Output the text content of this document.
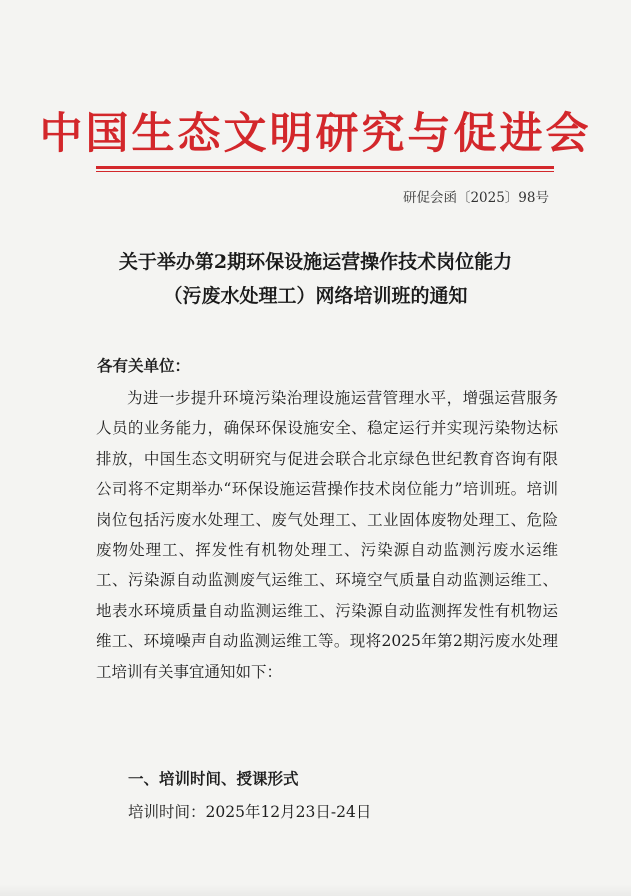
中国生态文明研究与促进会
研促会函〔2025〕98号
关于举办第2期环保设施运营操作技术岗位能力
（污废水处理工）网络培训班的通知
各有关单位：
为进一步提升环境污染治理设施运营管理水平，增强运营服务人员的业务能力，确保环保设施安全、稳定运行并实现污染物达标排放，中国生态文明研究与促进会联合北京绿色世纪教育咨询有限公司将不定期举办“环保设施运营操作技术岗位能力”培训班。培训岗位包括污废水处理工、废气处理工、工业固体废物处理工、危险废物处理工、挥发性有机物处理工、污染源自动监测污废水运维工、污染源自动监测废气运维工、环境空气质量自动监测运维工、地表水环境质量自动监测运维工、污染源自动监测挥发性有机物运维工、环境噪声自动监测运维工等。现将2025年第2期污废水处理工培训有关事宜通知如下：
一、培训时间、授课形式
培训时间：2025年12月23日-24日
